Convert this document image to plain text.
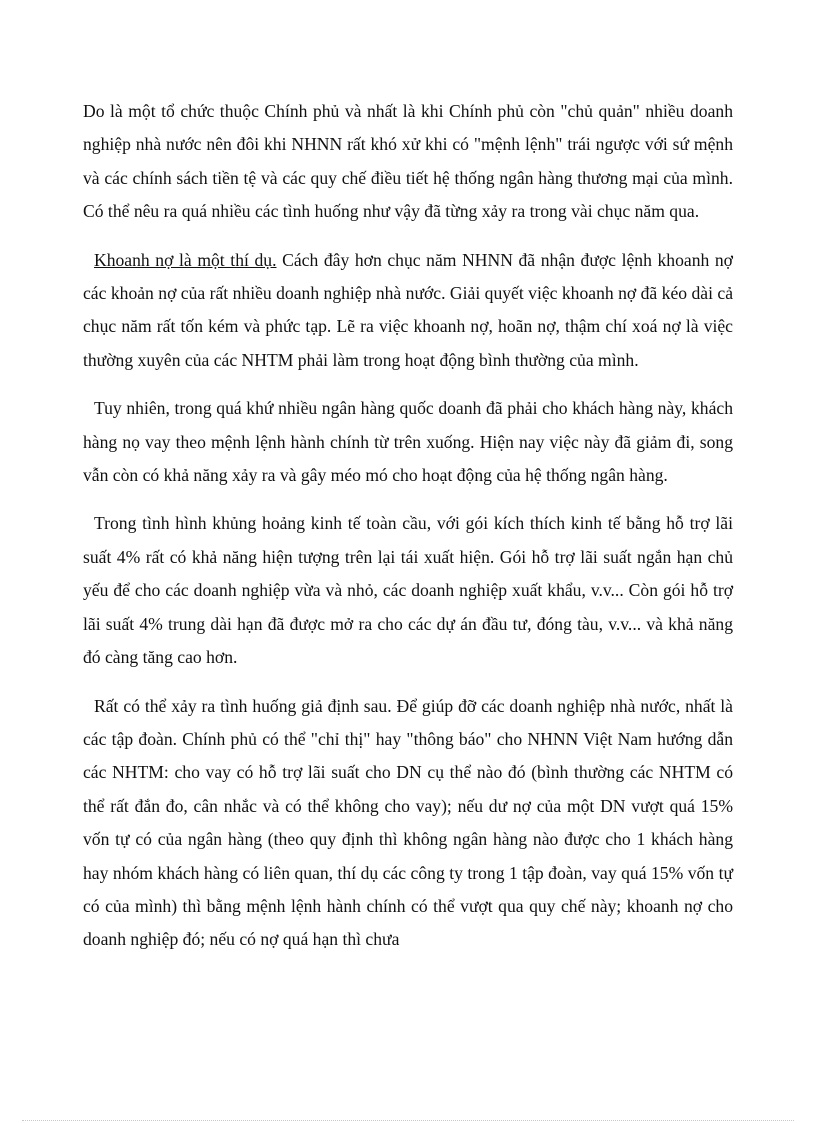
Do là một tổ chức thuộc Chính phủ và nhất là khi Chính phủ còn "chủ quản" nhiều doanh nghiệp nhà nước nên đôi khi NHNN rất khó xử khi có "mệnh lệnh" trái ngược với sứ mệnh và các chính sách tiền tệ và các quy chế điều tiết hệ thống ngân hàng thương mại của mình. Có thể nêu ra quá nhiều các tình huống như vậy đã từng xảy ra trong vài chục năm qua.

Khoanh nợ là một thí dụ. Cách đây hơn chục năm NHNN đã nhận được lệnh khoanh nợ các khoản nợ của rất nhiều doanh nghiệp nhà nước. Giải quyết việc khoanh nợ đã kéo dài cả chục năm rất tốn kém và phức tạp. Lẽ ra việc khoanh nợ, hoãn nợ, thậm chí xoá nợ là việc thường xuyên của các NHTM phải làm trong hoạt động bình thường của mình.

Tuy nhiên, trong quá khứ nhiều ngân hàng quốc doanh đã phải cho khách hàng này, khách hàng nọ vay theo mệnh lệnh hành chính từ trên xuống. Hiện nay việc này đã giảm đi, song vẫn còn có khả năng xảy ra và gây méo mó cho hoạt động của hệ thống ngân hàng.

Trong tình hình khủng hoảng kinh tế toàn cầu, với gói kích thích kinh tế bằng hỗ trợ lãi suất 4% rất có khả năng hiện tượng trên lại tái xuất hiện. Gói hỗ trợ lãi suất ngắn hạn chủ yếu để cho các doanh nghiệp vừa và nhỏ, các doanh nghiệp xuất khẩu, v.v... Còn gói hỗ trợ lãi suất 4% trung dài hạn đã được mở ra cho các dự án đầu tư, đóng tàu, v.v... và khả năng đó càng tăng cao hơn.

Rất có thể xảy ra tình huống giả định sau. Để giúp đỡ các doanh nghiệp nhà nước, nhất là các tập đoàn. Chính phủ có thể "chỉ thị" hay "thông báo" cho NHNN Việt Nam hướng dẫn các NHTM: cho vay có hỗ trợ lãi suất cho DN cụ thể nào đó (bình thường các NHTM có thể rất đắn đo, cân nhắc và có thể không cho vay); nếu dư nợ của một DN vượt quá 15% vốn tự có của ngân hàng (theo quy định thì không ngân hàng nào được cho 1 khách hàng hay nhóm khách hàng có liên quan, thí dụ các công ty trong 1 tập đoàn, vay quá 15% vốn tự có của mình) thì bằng mệnh lệnh hành chính có thể vượt qua quy chế này; khoanh nợ cho doanh nghiệp đó; nếu có nợ quá hạn thì chưa
